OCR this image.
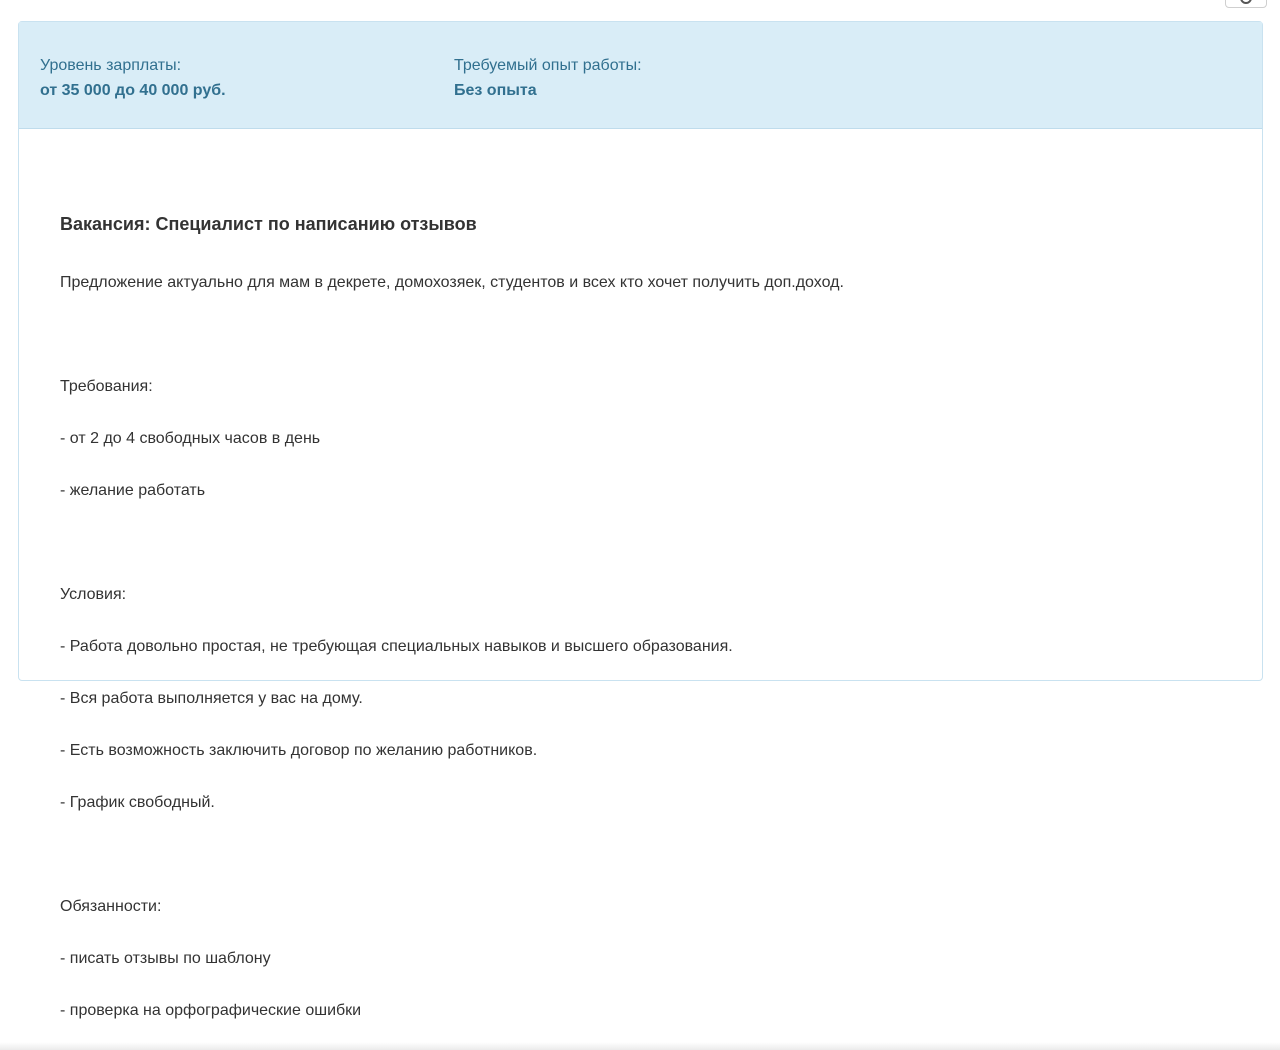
Уровень зарплаты:
от 35 000 до 40 000 руб.
Требуемый опыт работы:
Без опыта
Вакансия: Специалист по написанию отзывов

Предложение актуально для мам в декрете, домохозяек, студентов и всех кто хочет получить доп.доход.

Требования:

- от 2 до 4 свободных часов в день

- желание работать

Условия:

- Работа довольно простая, не требующая специальных навыков и высшего образования.

- Вся работа выполняется у вас на дому.

- Есть возможность заключить договор по желанию работников.

- График свободный.

Обязанности:

- писать отзывы по шаблону

- проверка на орфографические ошибки
